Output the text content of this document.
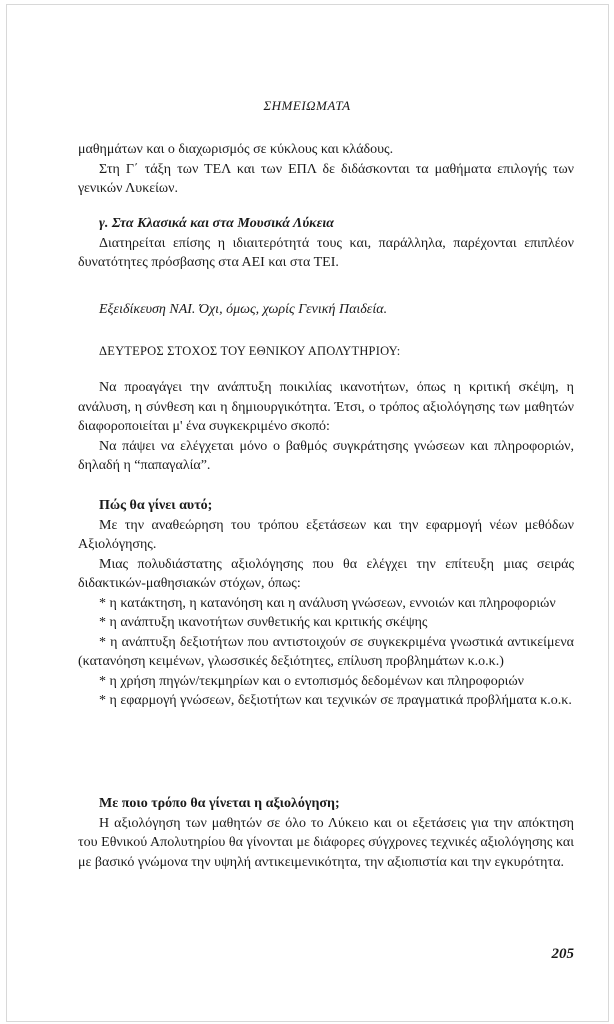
ΣΗΜΕΙΩΜΑΤΑ

μαθημάτων και ο διαχωρισμός σε κύκλους και κλάδους.

Στη Γ΄ τάξη των ΤΕΛ και των ΕΠΛ δε διδάσκονται τα μαθήματα επιλογής των γενικών Λυκείων.

γ. Στα Κλασικά και στα Μουσικά Λύκεια

Διατηρείται επίσης η ιδιαιτερότητά τους και, παράλληλα, παρέχονται επιπλέον δυνατότητες πρόσβασης στα ΑΕΙ και στα ΤΕΙ.

Εξειδίκευση ΝΑΙ. Όχι, όμως, χωρίς Γενική Παιδεία.

ΔΕΥΤΕΡΟΣ ΣΤΟΧΟΣ ΤΟΥ ΕΘΝΙΚΟΥ ΑΠΟΛΥΤΗΡΙΟΥ:

Να προαγάγει την ανάπτυξη ποικιλίας ικανοτήτων, όπως η κριτική σκέψη, η ανάλυση, η σύνθεση και η δημιουργικότητα. Έτσι, ο τρόπος αξιολόγησης των μαθητών διαφοροποιείται μ' ένα συγκεκριμένο σκοπό:

Να πάψει να ελέγχεται μόνο ο βαθμός συγκράτησης γνώσεων και πληροφοριών, δηλαδή η “παπαγαλία”.

Πώς θα γίνει αυτό;

Με την αναθεώρηση του τρόπου εξετάσεων και την εφαρμογή νέων μεθόδων Αξιολόγησης.

Μιας πολυδιάστατης αξιολόγησης που θα ελέγχει την επίτευξη μιας σειράς διδακτικών-μαθησιακών στόχων, όπως:

* η κατάκτηση, η κατανόηση και η ανάλυση γνώσεων, εννοιών και πληροφοριών

* η ανάπτυξη ικανοτήτων συνθετικής και κριτικής σκέψης

* η ανάπτυξη δεξιοτήτων που αντιστοιχούν σε συγκεκριμένα γνωστικά αντικείμενα (κατανόηση κειμένων, γλωσσικές δεξιότητες, επίλυση προβλημάτων κ.ο.κ.)

* η χρήση πηγών/τεκμηρίων και ο εντοπισμός δεδομένων και πληροφοριών

* η εφαρμογή γνώσεων, δεξιοτήτων και τεχνικών σε πραγματικά προβλήματα κ.ο.κ.

Με ποιο τρόπο θα γίνεται η αξιολόγηση;

Η αξιολόγηση των μαθητών σε όλο το Λύκειο και οι εξετάσεις για την απόκτηση του Εθνικού Απολυτηρίου θα γίνονται με διάφορες σύγχρονες τεχνικές αξιολόγησης και με βασικό γνώμονα την υψηλή αντικειμενικότητα, την αξιοπιστία και την εγκυρότητα.

205
